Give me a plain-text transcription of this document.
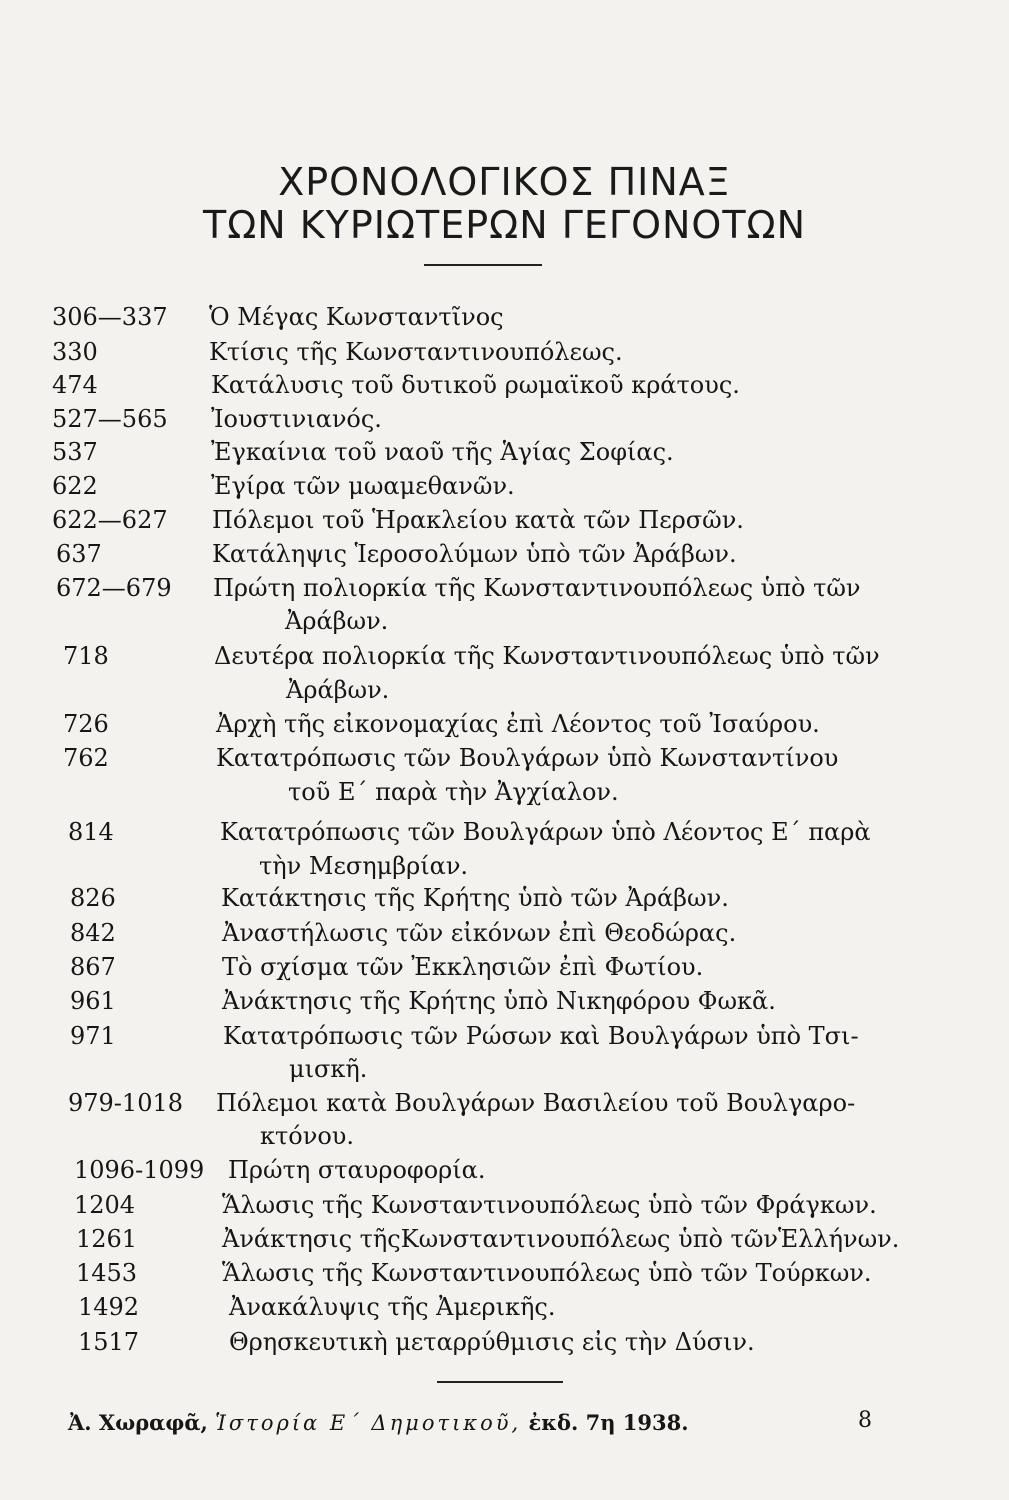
ΧΡΟΝΟΛΟΓΙΚΟΣ ΠΙΝΑΞ
ΤΩΝ ΚΥΡΙΩΤΕΡΩΝ ΓΕΓΟΝΟΤΩΝ
306—337 Ὁ Μέγας Κωνσταντῖνος
330	Κτίσις τῆς Κωνσταντινουπόλεως.
474	Κατάλυσις τοῦ δυτικοῦ ρωμαϊκοῦ κράτους.
527—565 Ἰουστινιανός.
537	Ἐγκαίνια τοῦ ναοῦ τῆς Ἁγίας Σοφίας.
622	Ἐγίρα τῶν μωαμεθανῶν.
622—627 Πόλεμοι τοῦ Ἡρακλείου κατὰ τῶν Περσῶν.
637	Κατάληψις Ἱεροσολύμων ὑπὸ τῶν Ἀράβων.
672—679 Πρώτη πολιορκία τῆς Κωνσταντινουπόλεως ὑπὸ τῶν
Ἀράβων.
718	Δευτέρα πολιορκία τῆς Κωνσταντινουπόλεως ὑπὸ τῶν
Ἀράβων.
726	Ἀρχὴ τῆς εἰκονομαχίας ἐπὶ Λέοντος τοῦ Ἰσαύρου.
762	Κατατρόπωσις τῶν Βουλγάρων ὑπὸ Κωνσταντίνου
τοῦ Ε΄ παρὰ τὴν Ἀγχίαλον.
814	Κατατρόπωσις τῶν Βουλγάρων ὑπὸ Λέοντος Ε΄ παρὰ
τὴν Μεσημβρίαν.
826	Κατάκτησις τῆς Κρήτης ὑπὸ τῶν Ἀράβων.
842	Ἀναστήλωσις τῶν εἰκόνων ἐπὶ Θεοδώρας.
867	Τὸ σχίσμα τῶν Ἐκκλησιῶν ἐπὶ Φωτίου.
961	Ἀνάκτησις τῆς Κρήτης ὑπὸ Νικηφόρου Φωκᾶ.
971	Κατατρόπωσις τῶν Ρώσων καὶ Βουλγάρων ὑπὸ Τσι-
μισκῆ.
979-1018 Πόλεμοι κατὰ Βουλγάρων Βασιλείου τοῦ Βουλγαρο-
κτόνου.
1096-1099 Πρώτη σταυροφορία.
1204	Ἅλωσις τῆς Κωνσταντινουπόλεως ὑπὸ τῶν Φράγκων.
1261	Ἀνάκτησις τῆςΚωνσταντινουπόλεως ὑπὸ τῶνἙλλήνων.
1453	Ἅλωσις τῆς Κωνσταντινουπόλεως ὑπὸ τῶν Τούρκων.
1492	Ἀνακάλυψις τῆς Ἀμερικῆς.
1517	Θρησκευτικὴ μεταρρύθμισις εἰς τὴν Δύσιν.
Ἀ. Χωραφᾶ, Ἱστορία Ε΄ Δημοτικοῦ, ἐκδ. 7η 1938.	8
